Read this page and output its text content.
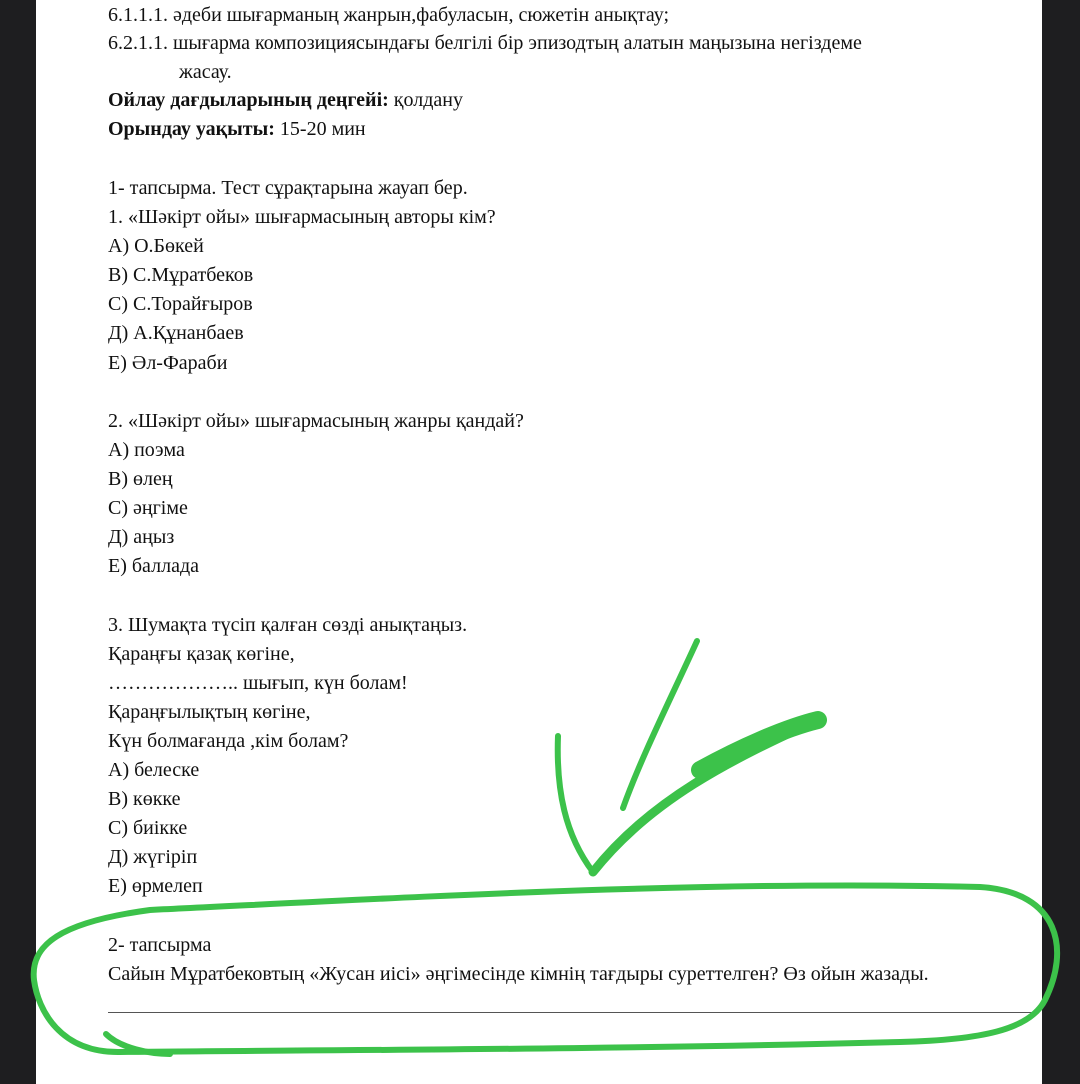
6.1.1.1. әдеби шығарманың жанрын,фабуласын, сюжетін анықтау;
6.2.1.1. шығарма композициясындағы белгілі бір эпизодтың алатын маңызына негіздеме
жасау.
Ойлау дағдыларының деңгейі: қолдану
Орындау уақыты: 15-20 мин
1- тапсырма. Тест сұрақтарына жауап бер.
1. «Шәкірт ойы» шығармасының авторы кім?
А) О.Бөкей
В) С.Мұратбеков
С) С.Торайғыров
Д) А.Құнанбаев
Е) Әл-Фараби
2. «Шәкірт ойы» шығармасының жанры қандай?
А) поэма
В) өлең
С) әңгіме
Д) аңыз
Е) баллада
3. Шумақта түсіп қалған сөзді анықтаңыз.
Қараңғы қазақ көгіне,
……………….. шығып, күн болам!
Қараңғылықтың көгіне,
Күн болмағанда ,кім болам?
А) белеске
В) көкке
С) биікке
Д) жүгіріп
Е) өрмелеп
2- тапсырма
Сайын Мұратбековтың «Жусан иісі» әңгімесінде кімнің тағдыры суреттелген? Өз ойын жазады.
